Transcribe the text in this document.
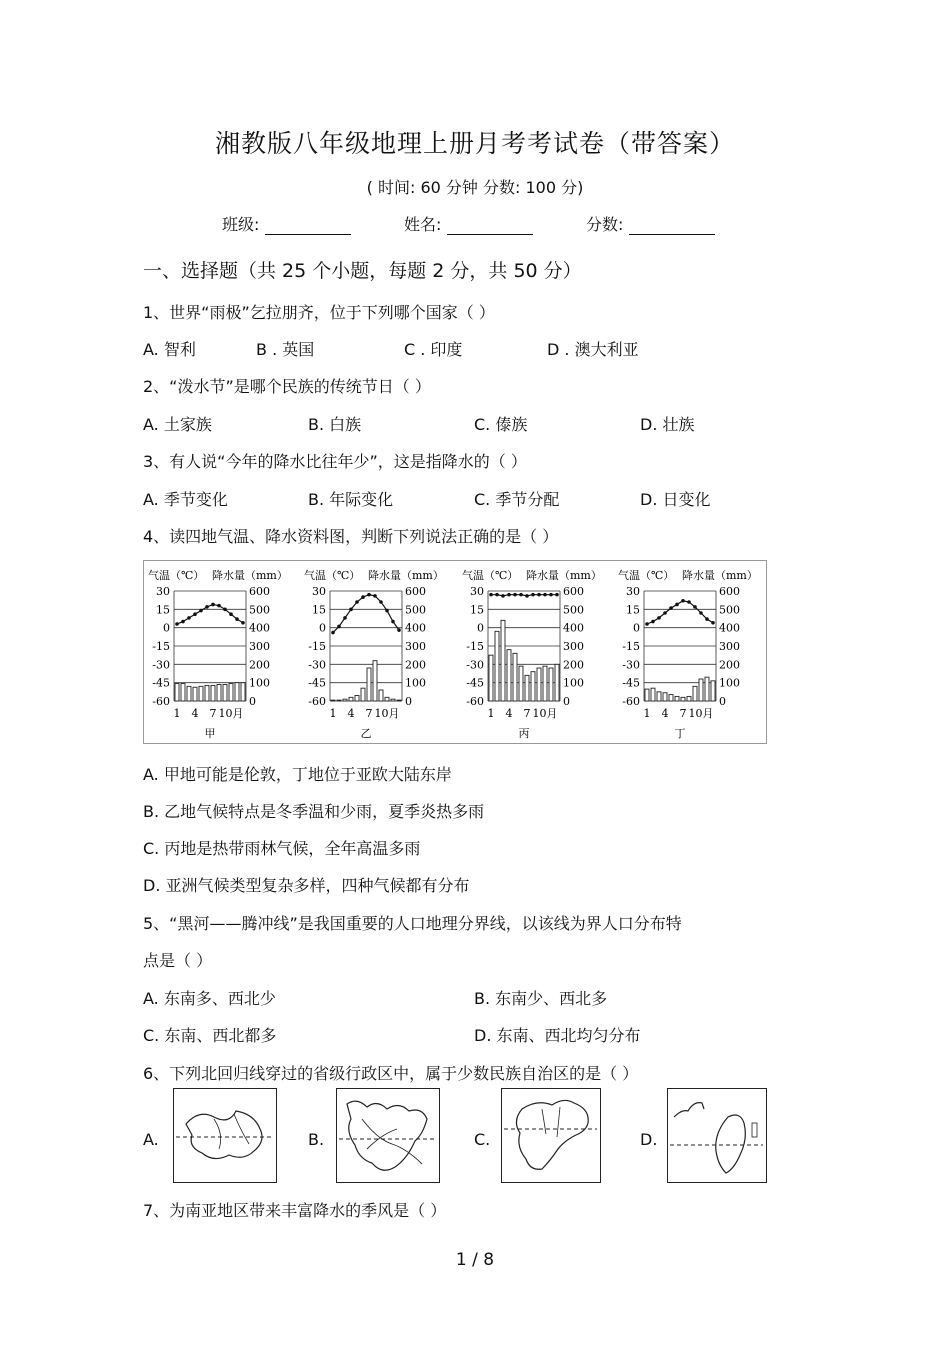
湘教版八年级地理上册月考考试卷（带答案）
( 时间: 60 分钟 分数: 100 分)
班级:	姓名:	分数:
一、选择题（共 25 个小题，每题 2 分，共 50 分）
1、世界“雨极”乞拉朋齐，位于下列哪个国家（ ）
A. 智利	B . 英国	C . 印度	D . 澳大利亚
2、“泼水节”是哪个民族的传统节日（ ）
A. 土家族	B. 白族	C. 傣族	D. 壮族
3、有人说“今年的降水比往年少”，这是指降水的（ ）
A. 季节变化	B. 年际变化	C. 季节分配	D. 日变化
4、读四地气温、降水资料图，判断下列说法正确的是（ ）
气温（℃） 降水量（mm）
30	600
15	500
0	400
-15	300
-30	200
-45	100
-60	0
1 4 7 10月
甲
气温（℃） 降水量（mm）
30	600
15	500
0	400
-15	300
-30	200
-45	100
-60	0
1 4 7 10月
乙
气温（℃） 降水量（mm）
30	600
15	500
0	400
-15	300
-30	200
-45	100
-60	0
1 4 7 10月
丙
气温（℃） 降水量（mm）
30	600
15	500
0	400
-15	300
-30	200
-45	100
-60	0
1 4 7 10月
丁
A. 甲地可能是伦敦，丁地位于亚欧大陆东岸
B. 乙地气候特点是冬季温和少雨，夏季炎热多雨
C. 丙地是热带雨林气候，全年高温多雨
D. 亚洲气候类型复杂多样，四种气候都有分布
5、“黑河——腾冲线”是我国重要的人口地理分界线，以该线为界人口分布特
点是（ ）
A. 东南多、西北少	B. 东南少、西北多
C. 东南、西北都多	D. 东南、西北均匀分布
6、下列北回归线穿过的省级行政区中，属于少数民族自治区的是（ ）
A.	B.	C.	D.
7、为南亚地区带来丰富降水的季风是（ ）
1 / 8
